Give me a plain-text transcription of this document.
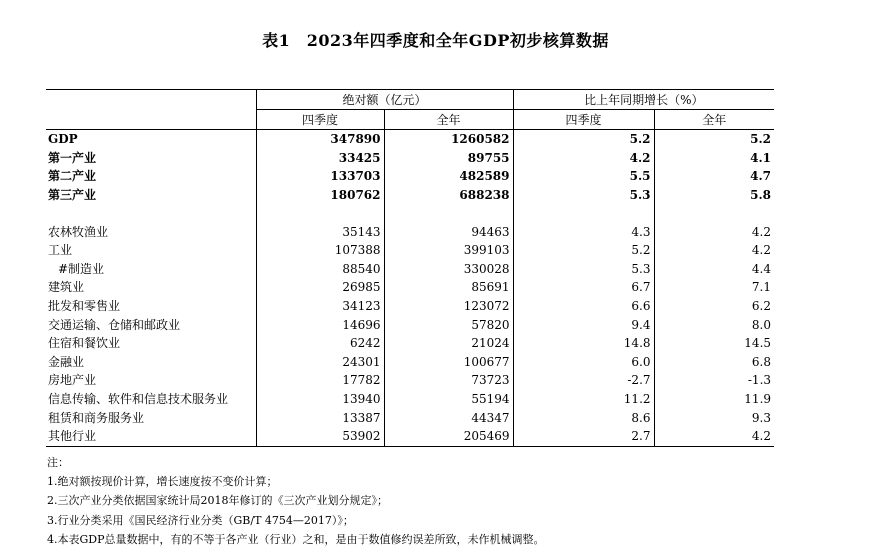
表1　2023年四季度和全年GDP初步核算数据
	绝对额（亿元）		比上年同期增长（%）	
	四季度	全年	四季度	全年
GDP	347890	1260582	5.2	5.2
第一产业	33425	89755	4.2	4.1
第二产业	133703	482589	5.5	4.7
第三产业	180762	688238	5.3	5.8

农林牧渔业	35143	94463	4.3	4.2
工业	107388	399103	5.2	4.2
#制造业	88540	330028	5.3	4.4
建筑业	26985	85691	6.7	7.1
批发和零售业	34123	123072	6.6	6.2
交通运输、仓储和邮政业	14696	57820	9.4	8.0
住宿和餐饮业	6242	21024	14.8	14.5
金融业	24301	100677	6.0	6.8
房地产业	17782	73723	-2.7	-1.3
信息传输、软件和信息技术服务业	13940	55194	11.2	11.9
租赁和商务服务业	13387	44347	8.6	9.3
其他行业	53902	205469	2.7	4.2
注：
1.绝对额按现价计算，增长速度按不变价计算；
2.三次产业分类依据国家统计局2018年修订的《三次产业划分规定》；
3.行业分类采用《国民经济行业分类（GB/T 4754—2017）》；
4.本表GDP总量数据中，有的不等于各产业（行业）之和，是由于数值修约误差所致，未作机械调整。
